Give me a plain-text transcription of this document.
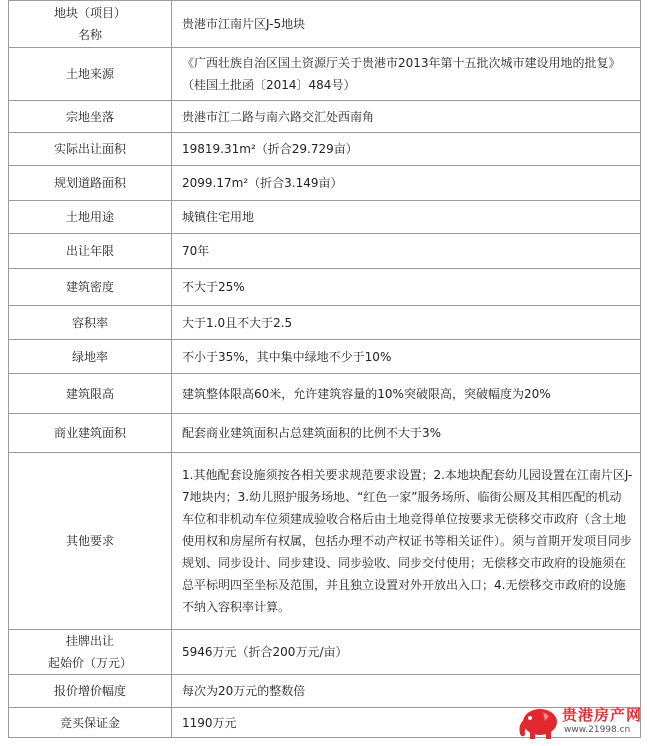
地块（项目）
名称	贵港市江南片区J-5地块
土地来源	《广西壮族自治区国土资源厅关于贵港市2013年第十五批次城市建设用地的批复》（桂国土批函〔2014〕484号）
宗地坐落	贵港市江二路与南六路交汇处西南角
实际出让面积	19819.31m²（折合29.729亩）
规划道路面积	2099.17m²（折合3.149亩）
土地用途	城镇住宅用地
出让年限	70年
建筑密度	不大于25%
容积率	大于1.0且不大于2.5
绿地率	不小于35%，其中集中绿地不少于10%
建筑限高	建筑整体限高60米，允许建筑容量的10%突破限高，突破幅度为20%
商业建筑面积	配套商业建筑面积占总建筑面积的比例不大于3%
其他要求	1.其他配套设施须按各相关要求规范要求设置；2.本地块配套幼儿园设置在江南片区J-7地块内；3.幼儿照护服务场地、“红色一家”服务场所、临街公厕及其相匹配的机动车位和非机动车位须建成验收合格后由土地竞得单位按要求无偿移交市政府（含土地使用权和房屋所有权属，包括办理不动产权证书等相关证件）。须与首期开发项目同步规划、同步设计、同步建设、同步验收、同步交付使用；无偿移交市政府的设施须在总平标明四至坐标及范围，并且独立设置对外开放出入口；4.无偿移交市政府的设施不纳入容积率计算。
挂牌出让
起始价（万元）	5946万元（折合200万元/亩）
报价增价幅度	每次为20万元的整数倍
竞买保证金	1190万元	贵港房产网
www.21998.cn
